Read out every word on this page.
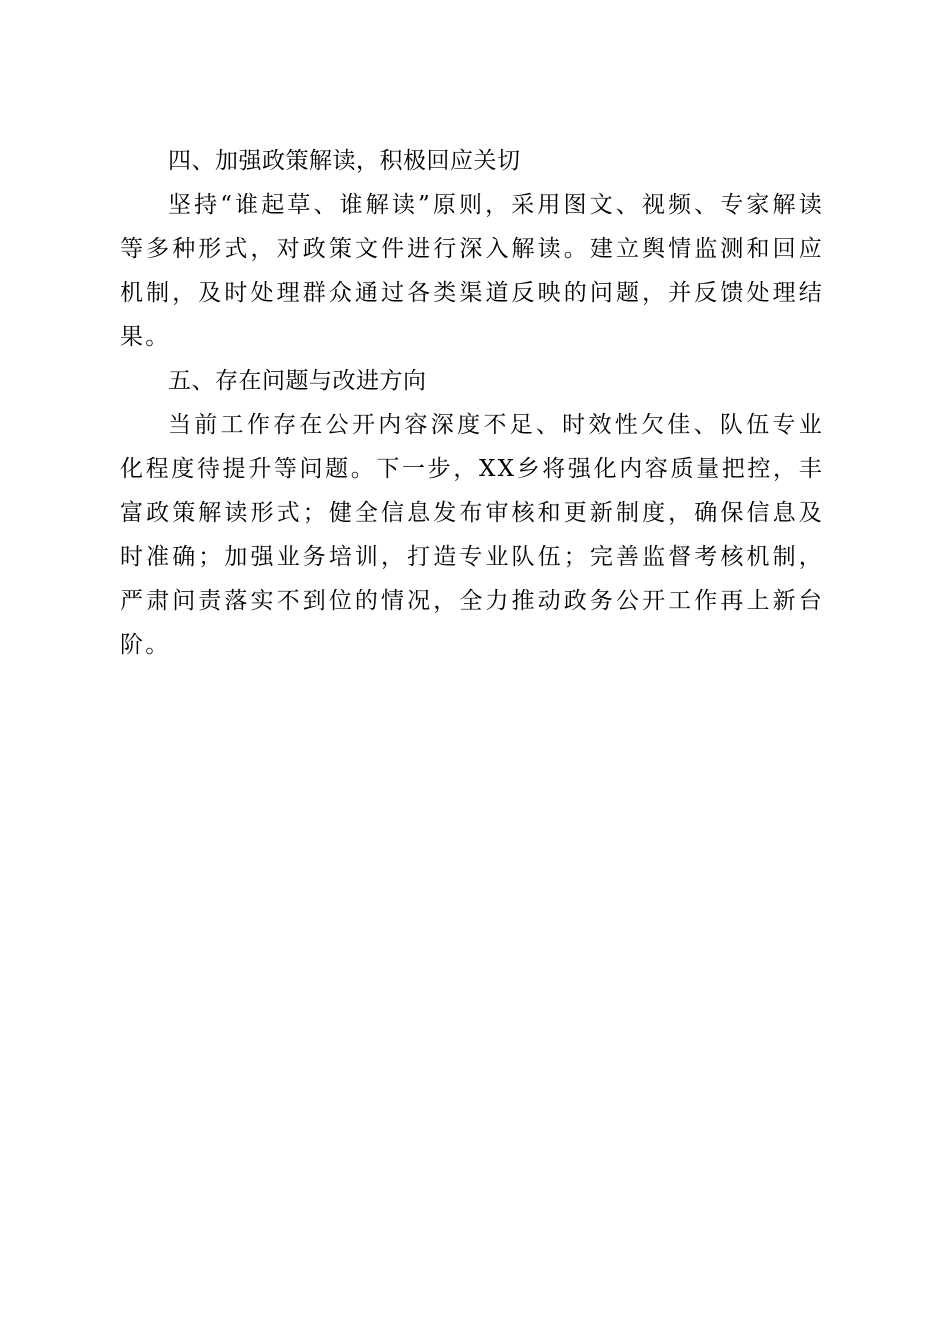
四、加强政策解读，积极回应关切

坚持“谁起草、谁解读”原则，采用图文、视频、专家解读等多种形式，对政策文件进行深入解读。建立舆情监测和回应机制，及时处理群众通过各类渠道反映的问题，并反馈处理结果。

五、存在问题与改进方向

当前工作存在公开内容深度不足、时效性欠佳、队伍专业化程度待提升等问题。下一步，XX乡将强化内容质量把控，丰富政策解读形式；健全信息发布审核和更新制度，确保信息及时准确；加强业务培训，打造专业队伍；完善监督考核机制，严肃问责落实不到位的情况，全力推动政务公开工作再上新台阶。
